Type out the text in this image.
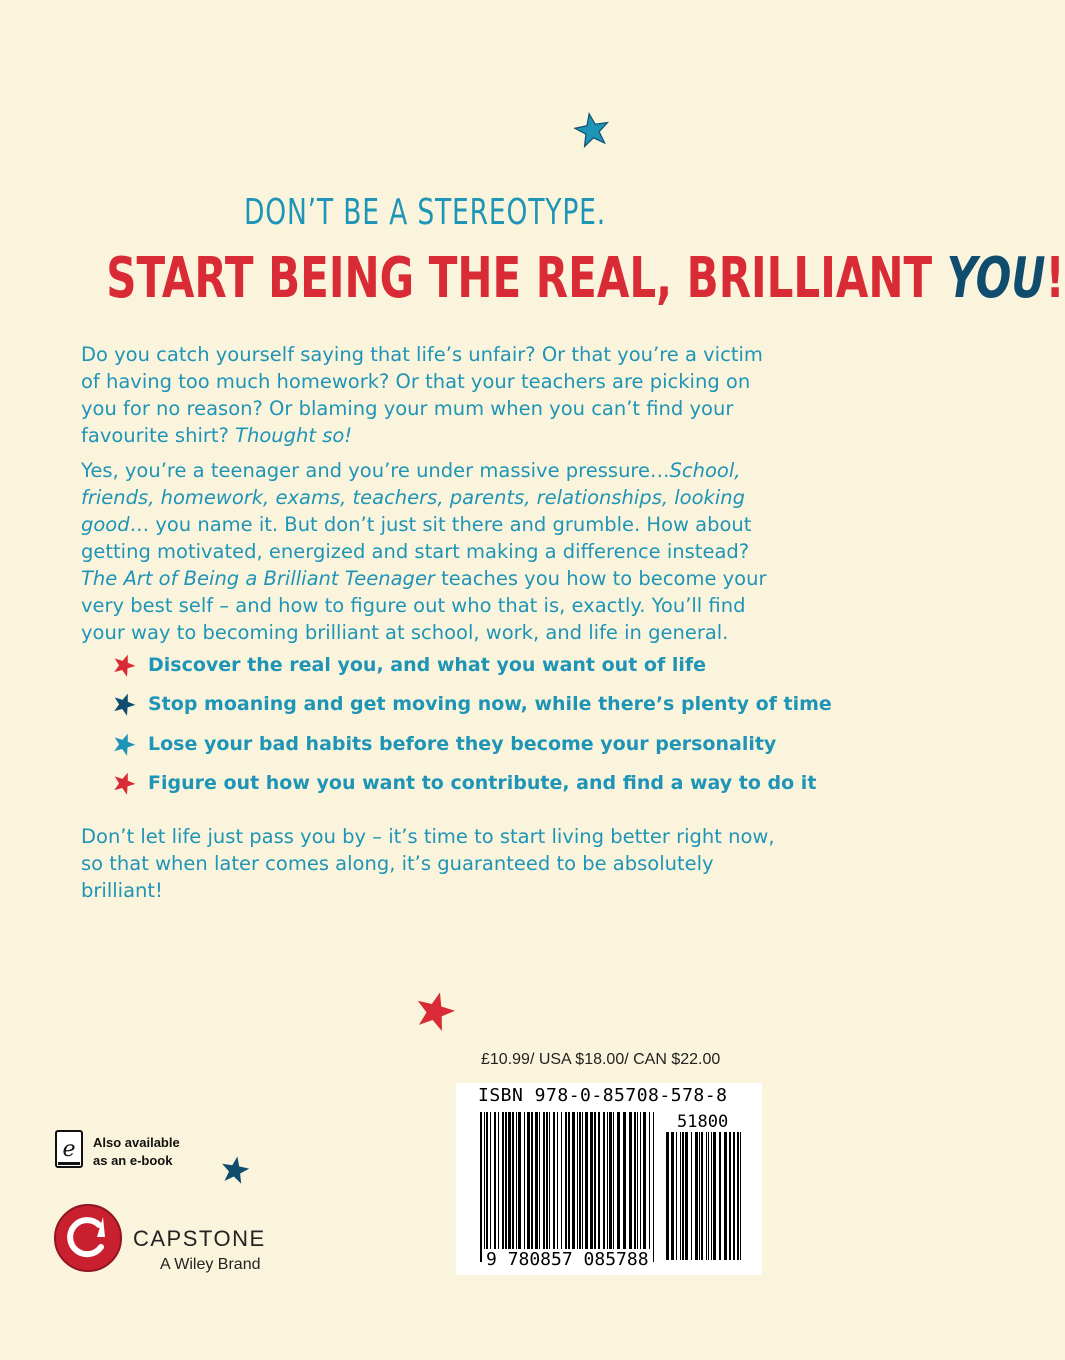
DON’T BE A STEREOTYPE.
START BEING THE REAL, BRILLIANT YOU!
Do you catch yourself saying that life’s unfair? Or that you’re a victim of having too much homework? Or that your teachers are picking on you for no reason? Or blaming your mum when you can’t find your favourite shirt? Thought so!
Yes, you’re a teenager and you’re under massive pressure…School, friends, homework, exams, teachers, parents, relationships, looking good… you name it. But don’t just sit there and grumble. How about getting motivated, energized and start making a difference instead? The Art of Being a Brilliant Teenager teaches you how to become your very best self – and how to figure out who that is, exactly. You’ll find your way to becoming brilliant at school, work, and life in general.
Discover the real you, and what you want out of life
Stop moaning and get moving now, while there’s plenty of time
Lose your bad habits before they become your personality
Figure out how you want to contribute, and find a way to do it
Don’t let life just pass you by – it’s time to start living better right now, so that when later comes along, it’s guaranteed to be absolutely brilliant!
£10.99/ USA $18.00/ CAN $22.00
ISBN 978-0-85708-578-8
51800
9 780857 085788
e Also available
as an e-book
CAPSTONE
A Wiley Brand
